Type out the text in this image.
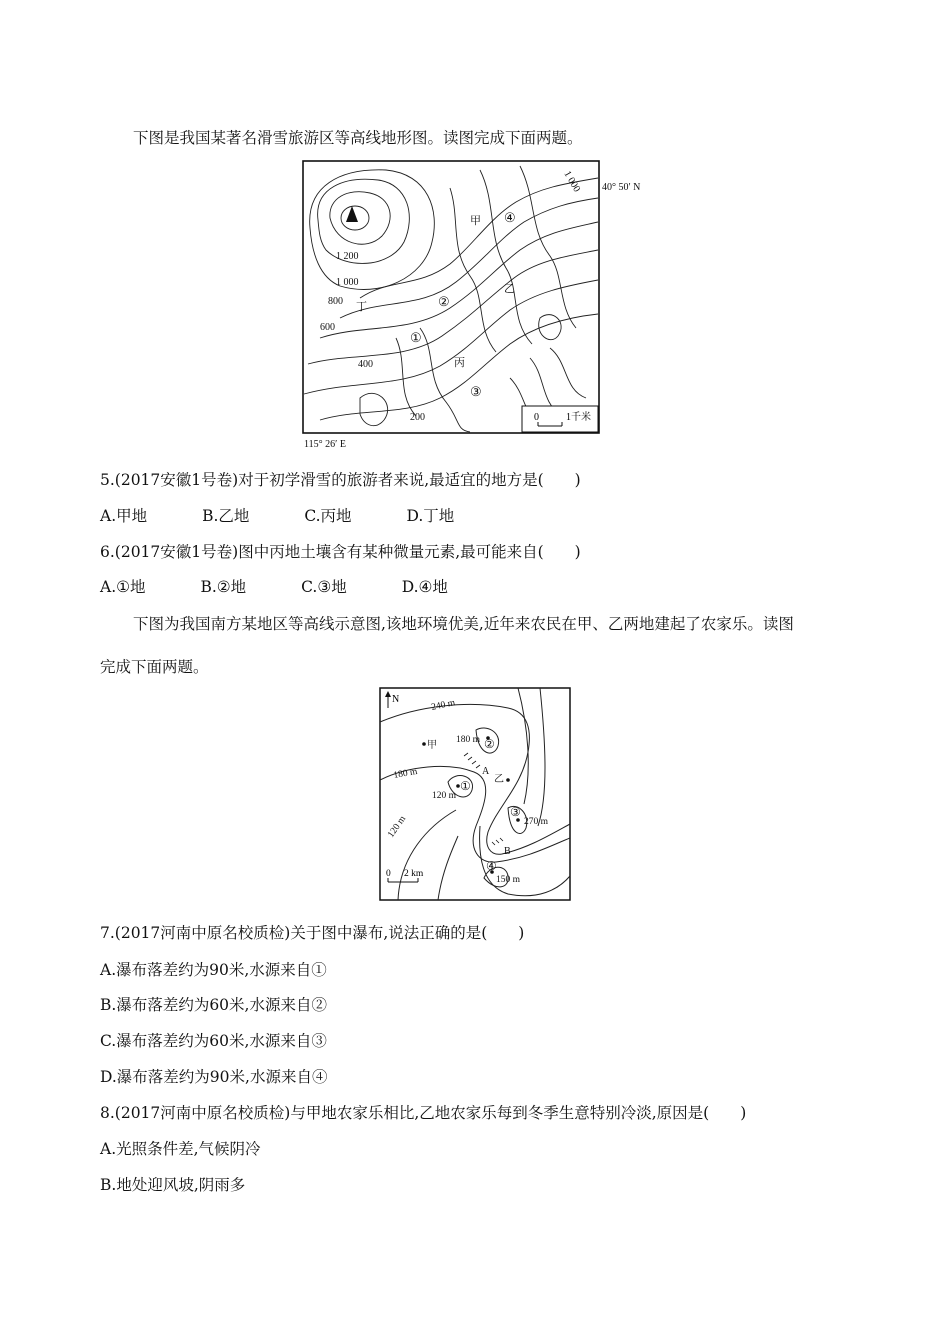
下图是我国某著名滑雪旅游区等高线地形图。读图完成下面两题。
1 000 40° 50′ N
1 200
1 000
800
600
400
200
115° 26′ E
甲
乙
丙
丁
①
②
③
④
0	1千米
5.(2017安徽1号卷)对于初学滑雪的旅游者来说,最适宜的地方是(　　)
A.甲地	B.乙地	C.丙地	D.丁地
6.(2017安徽1号卷)图中丙地土壤含有某种微量元素,最可能来自(　　)
A.①地	B.②地	C.③地	D.④地
下图为我国南方某地区等高线示意图,该地环境优美,近年来农民在甲、乙两地建起了农家乐。读图
完成下面两题。
N	240 m
180 m
180 m
120 m
120 m	270 m
150 m
甲
乙
A
B
①
②
③
④
0 2 km
7.(2017河南中原名校质检)关于图中瀑布,说法正确的是(　　)
A.瀑布落差约为90米,水源来自①
B.瀑布落差约为60米,水源来自②
C.瀑布落差约为60米,水源来自③
D.瀑布落差约为90米,水源来自④
8.(2017河南中原名校质检)与甲地农家乐相比,乙地农家乐每到冬季生意特别冷淡,原因是(　　)
A.光照条件差,气候阴冷
B.地处迎风坡,阴雨多
